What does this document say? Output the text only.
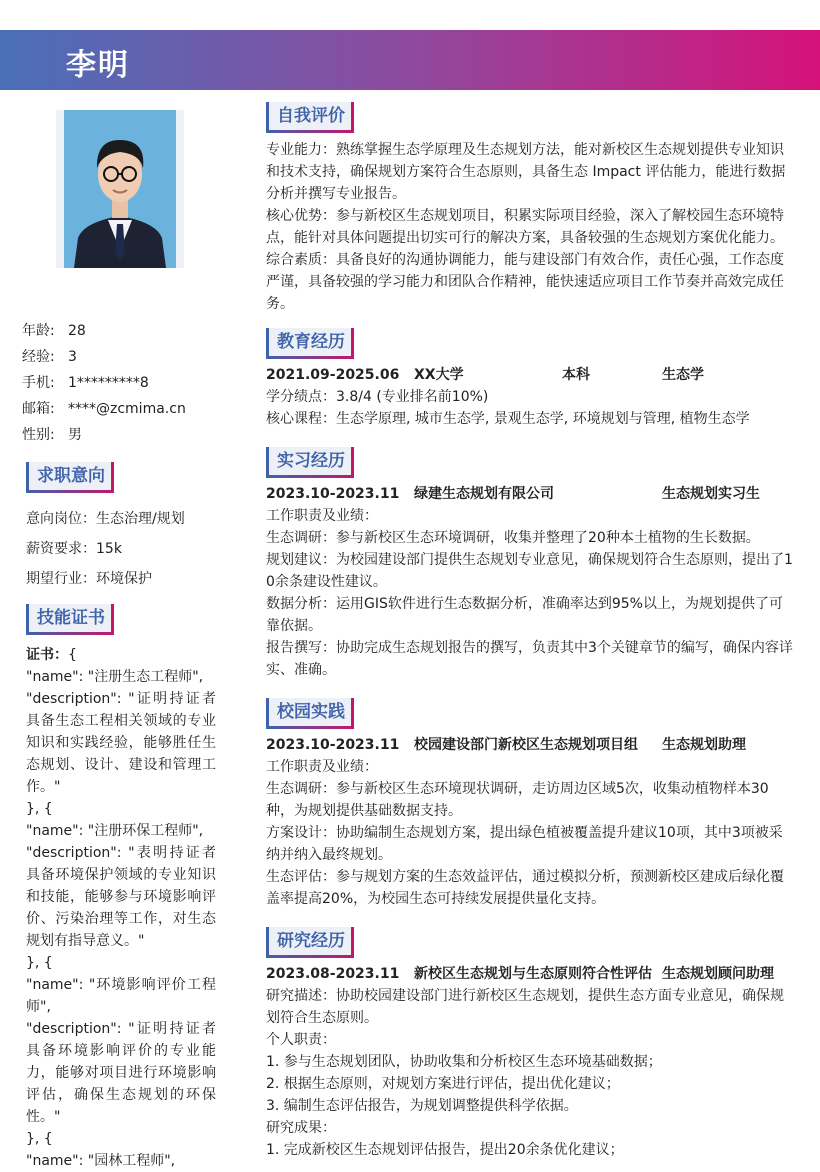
李明
年龄: 28
经验: 3
手机: 1*********8
邮箱: ****@zcmima.cn
性别: 男
求职意向
意向岗位：生态治理/规划
薪资要求：15k
期望行业：环境保护
技能证书
证书：{
"name": "注册生态工程师",
"description": "证明持证者具备生态工程相关领域的专业知识和实践经验，能够胜任生态规划、设计、建设和管理工作。"
}, {
"name": "注册环保工程师",
"description": "表明持证者具备环境保护领域的专业知识和技能，能够参与环境影响评价、污染治理等工作，对生态规划有指导意义。"
}, {
"name": "环境影响评价工程师",
"description": "证明持证者具备环境影响评价的专业能力，能够对项目进行环境影响评估，确保生态规划的环保性。"
}, {
"name": "园林工程师",
自我评价
专业能力：熟练掌握生态学原理及生态规划方法，能对新校区生态规划提供专业知识和技术支持，确保规划方案符合生态原则，具备生态 Impact 评估能力，能进行数据分析并撰写专业报告。
核心优势：参与新校区生态规划项目，积累实际项目经验，深入了解校园生态环境特点，能针对具体问题提出切实可行的解决方案，具备较强的生态规划方案优化能力。
综合素质：具备良好的沟通协调能力，能与建设部门有效合作，责任心强，工作态度严谨，具备较强的学习能力和团队合作精神，能快速适应项目工作节奏并高效完成任务。
教育经历
2021.09-2025.06 XX大学	本科	生态学
学分绩点：3.8/4 (专业排名前10%)
核心课程：生态学原理, 城市生态学, 景观生态学, 环境规划与管理, 植物生态学
实习经历
2023.10-2023.11 绿建生态规划有限公司	生态规划实习生
工作职责及业绩：
生态调研：参与新校区生态环境调研，收集并整理了20种本土植物的生长数据。
规划建议：为校园建设部门提供生态规划专业意见，确保规划符合生态原则，提出了10余条建设性建议。
数据分析：运用GIS软件进行生态数据分析，准确率达到95%以上，为规划提供了可靠依据。
报告撰写：协助完成生态规划报告的撰写，负责其中3个关键章节的编写，确保内容详实、准确。
校园实践
2023.10-2023.11 校园建设部门新校区生态规划项目组 生态规划助理
工作职责及业绩：
生态调研：参与新校区生态环境现状调研，走访周边区域5次，收集动植物样本30种，为规划提供基础数据支持。
方案设计：协助编制生态规划方案，提出绿色植被覆盖提升建议10项，其中3项被采纳并纳入最终规划。
生态评估：参与规划方案的生态效益评估，通过模拟分析，预测新校区建成后绿化覆盖率提高20%，为校园生态可持续发展提供量化支持。
研究经历
2023.08-2023.11 新校区生态规划与生态原则符合性评估 生态规划顾问助理
研究描述：协助校园建设部门进行新校区生态规划，提供生态方面专业意见，确保规划符合生态原则。
个人职责：
1. 参与生态规划团队，协助收集和分析校区生态环境基础数据；
2. 根据生态原则，对规划方案进行评估，提出优化建议；
3. 编制生态评估报告，为规划调整提供科学依据。
研究成果：
1. 完成新校区生态规划评估报告，提出20余条优化建议；
